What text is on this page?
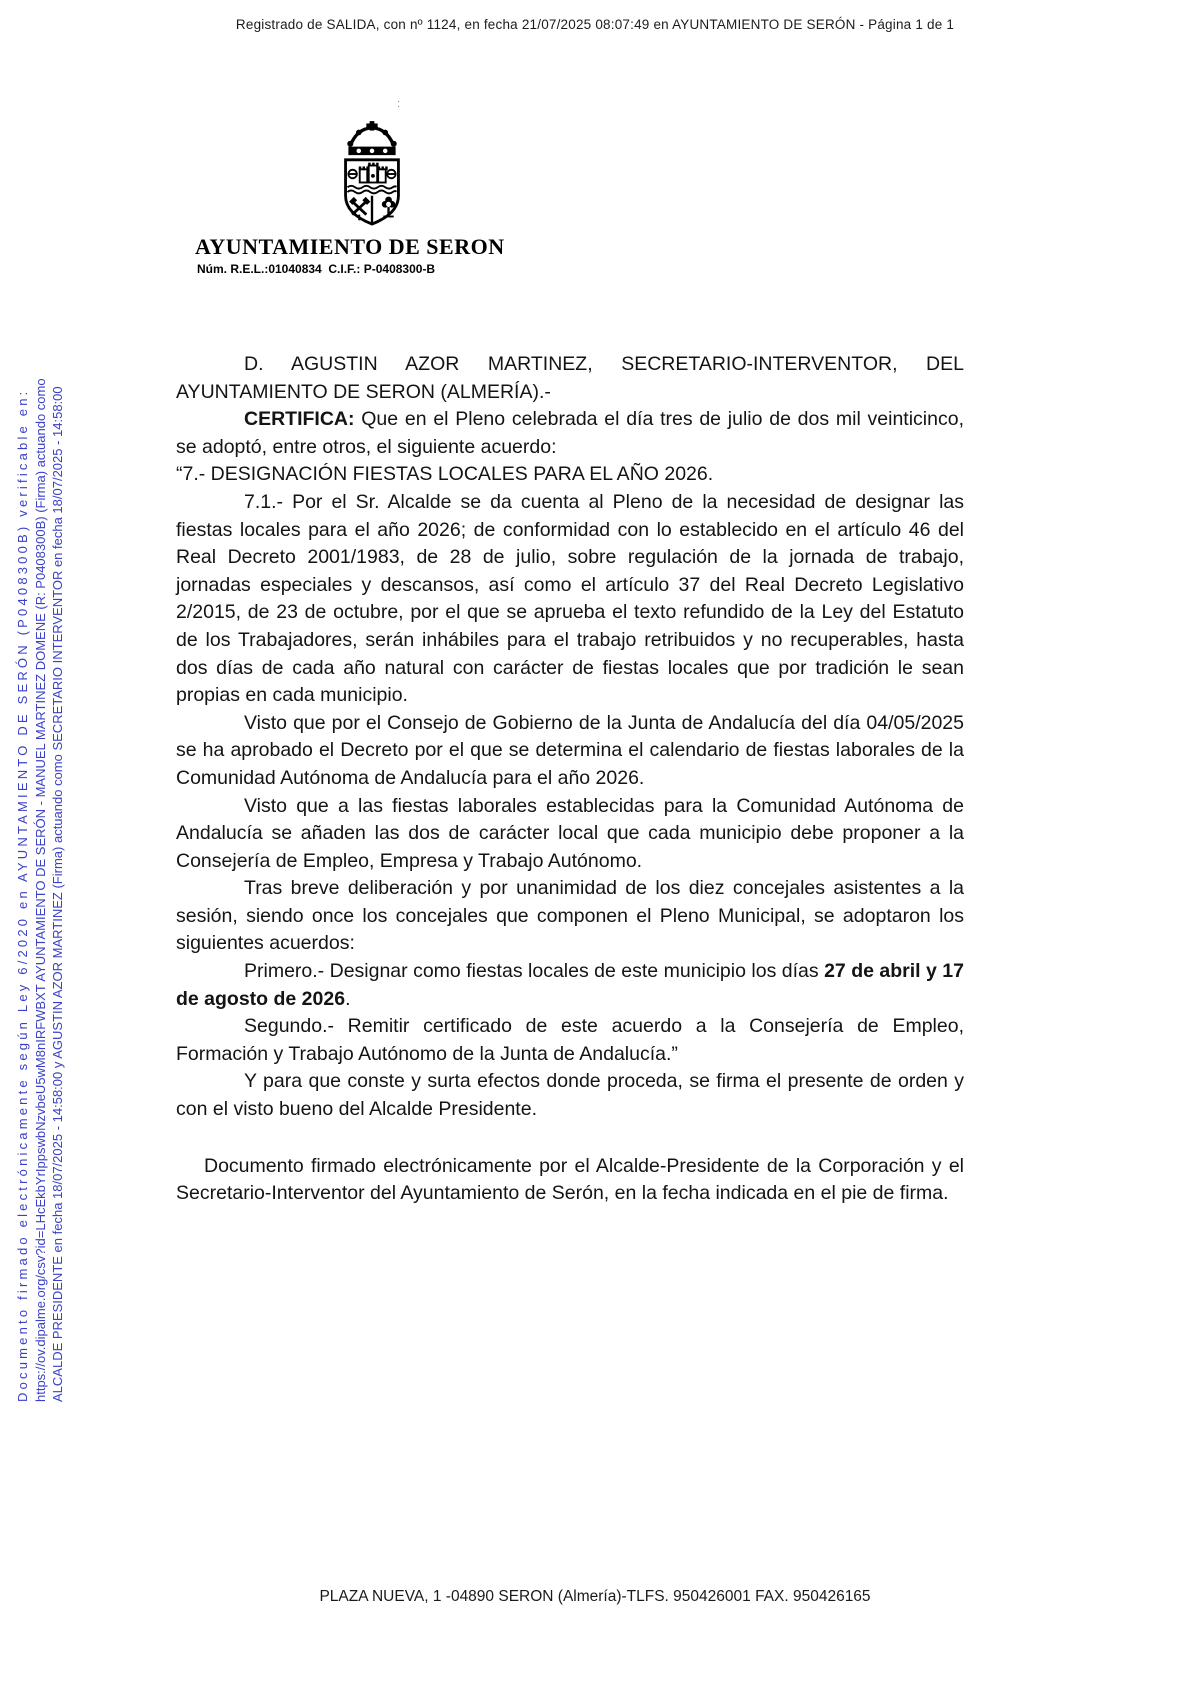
Registrado de SALIDA, con nº 1124, en fecha 21/07/2025 08:07:49 en AYUNTAMIENTO DE SERÓN - Página 1 de 1
Documento firmado electrónicamente según Ley 6/2020 en AYUNTAMIENTO DE SERÓN (P0408300B) verificable en: https://ov.dipalme.org/csv?id=LHcEkbYrIppswbNzvbeU5wM8nIRFWBXT AYUNTAMIENTO DE SERÓN - MANUEL MARTINEZ DOMENE (R: P0408300B) (Firma) actuando como ALCALDE PRESIDENTE en fecha 18/07/2025 - 14:58:00 y AGUSTIN AZOR MARTINEZ (Firma) actuando como SECRETARIO INTERVENTOR en fecha 18/07/2025 - 14:58:00
:
AYUNTAMIENTO DE SERON
Núm. R.E.L.:01040834  C.I.F.: P-0408300-B

D. AGUSTIN AZOR MARTINEZ, SECRETARIO-INTERVENTOR, DEL AYUNTAMIENTO DE SERON (ALMERÍA).-

CERTIFICA: Que en el Pleno celebrada el día tres de julio de dos mil veinticinco, se adoptó, entre otros, el siguiente acuerdo:

“7.- DESIGNACIÓN FIESTAS LOCALES PARA EL AÑO 2026.

7.1.- Por el Sr. Alcalde se da cuenta al Pleno de la necesidad de designar las fiestas locales para el año 2026; de conformidad con lo establecido en el artículo 46 del Real Decreto 2001/1983, de 28 de julio, sobre regulación de la jornada de trabajo, jornadas especiales y descansos, así como el artículo 37 del Real Decreto Legislativo 2/2015, de 23 de octubre, por el que se aprueba el texto refundido de la Ley del Estatuto de los Trabajadores, serán inhábiles para el trabajo retribuidos y no recuperables, hasta dos días de cada año natural con carácter de fiestas locales que por tradición le sean propias en cada municipio.

Visto que por el Consejo de Gobierno de la Junta de Andalucía del día 04/05/2025 se ha aprobado el Decreto por el que se determina el calendario de fiestas laborales de la Comunidad Autónoma de Andalucía para el año 2026.

Visto que a las fiestas laborales establecidas para la Comunidad Autónoma de Andalucía se añaden las dos de carácter local que cada municipio debe proponer a la Consejería de Empleo, Empresa y Trabajo Autónomo.

Tras breve deliberación y por unanimidad de los diez concejales asistentes a la sesión, siendo once los concejales que componen el Pleno Municipal, se adoptaron los siguientes acuerdos:

Primero.- Designar como fiestas locales de este municipio los días 27 de abril y 17 de agosto de 2026.

Segundo.- Remitir certificado de este acuerdo a la Consejería de Empleo, Formación y Trabajo Autónomo de la Junta de Andalucía.”

Y para que conste y surta efectos donde proceda, se firma el presente de orden y con el visto bueno del Alcalde Presidente.

Documento firmado electrónicamente por el Alcalde-Presidente de la Corporación y el Secretario-Interventor del Ayuntamiento de Serón, en la fecha indicada en el pie de firma.

PLAZA NUEVA, 1 -04890 SERON (Almería)-TLFS. 950426001 FAX. 950426165
